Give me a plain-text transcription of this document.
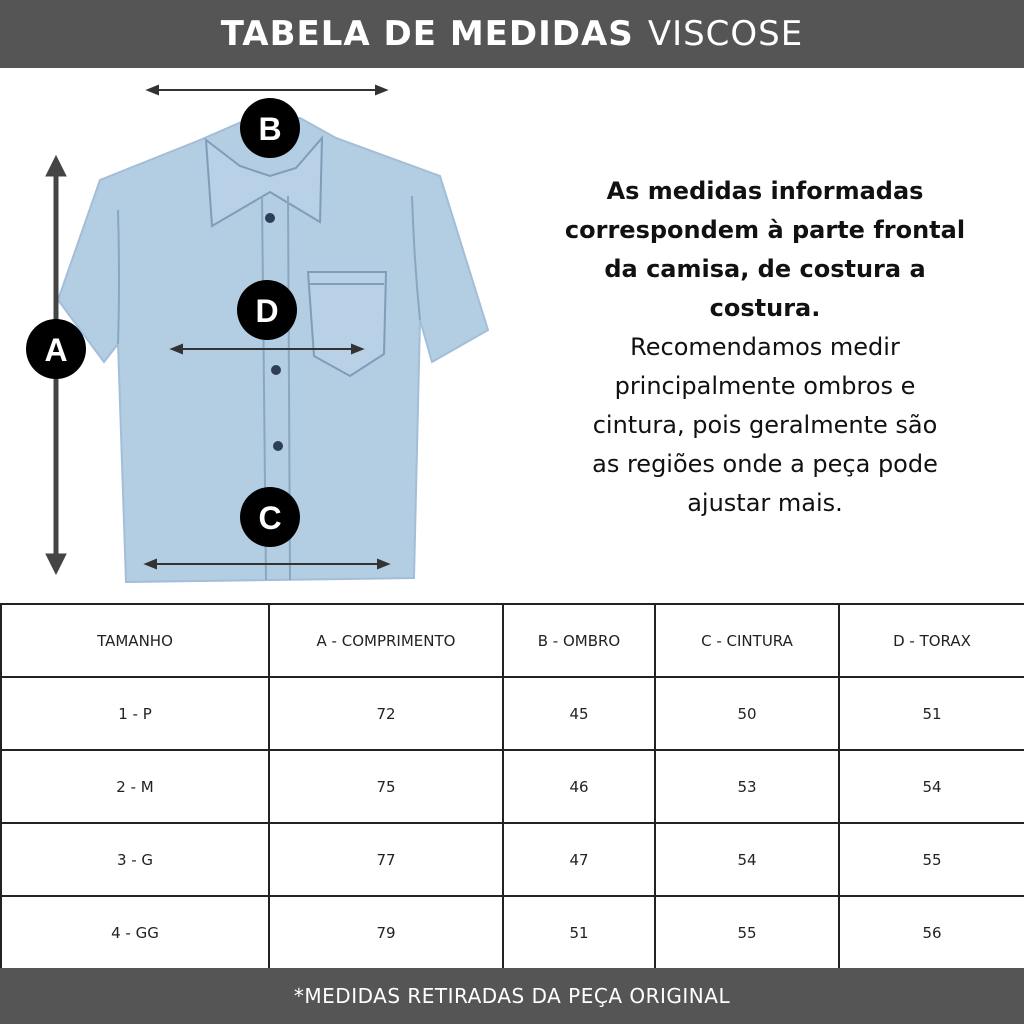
TABELA DE MEDIDAS VISCOSE
B
A
D
C
As medidas informadas
correspondem à parte frontal
da camisa, de costura a
costura.
Recomendamos medir
principalmente ombros e
cintura, pois geralmente são
as regiões onde a peça pode
ajustar mais.
TAMANHO	A - COMPRIMENTO	B - OMBRO	C - CINTURA	D - TORAX
1 - P	72	45	50	51
2 - M	75	46	53	54
3 - G	77	47	54	55
4 - GG	79	51	55	56
*MEDIDAS RETIRADAS DA PEÇA ORIGINAL
